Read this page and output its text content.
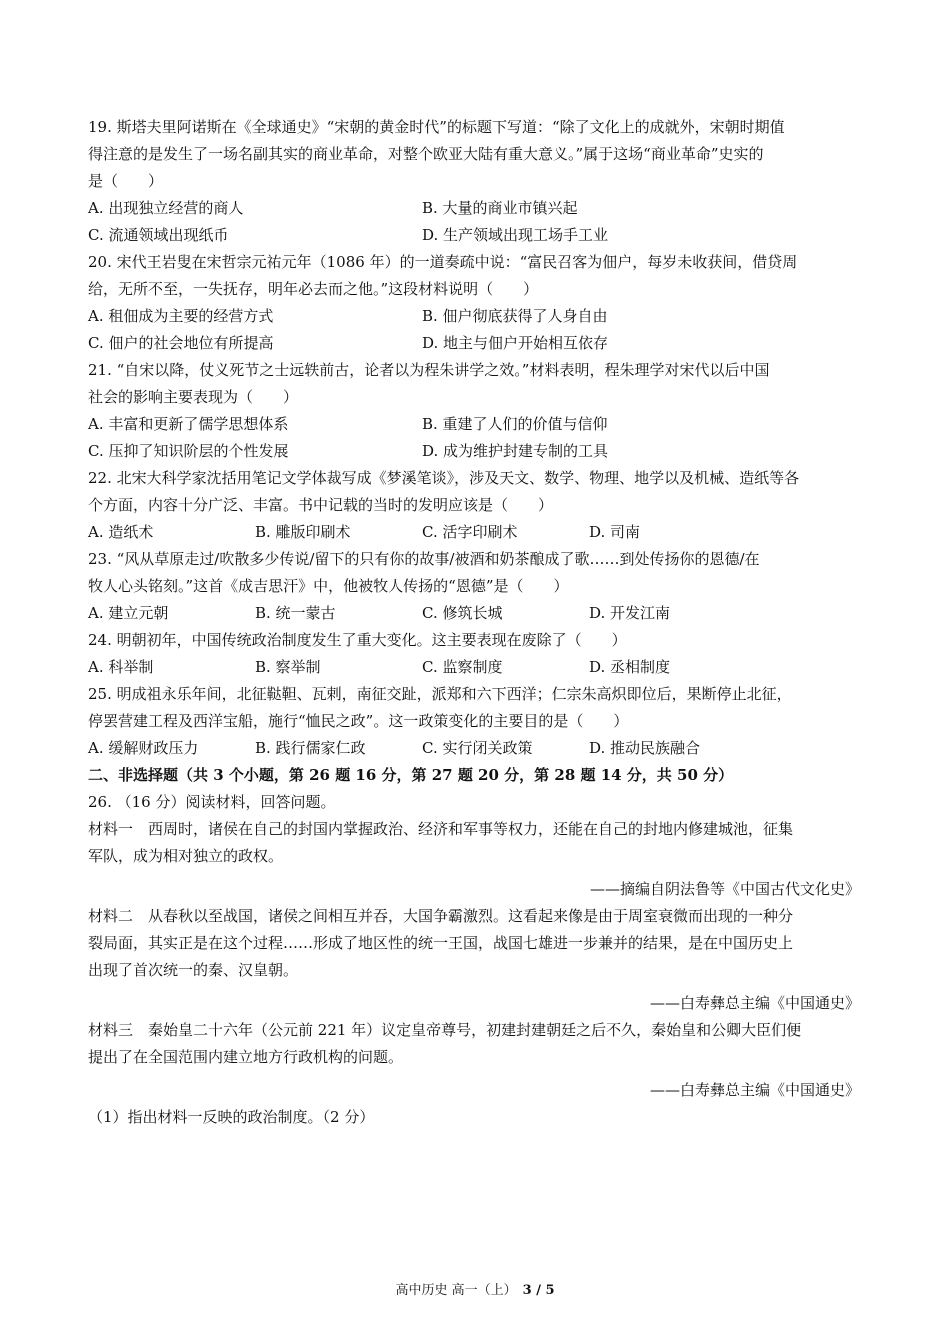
19. 斯塔夫里阿诺斯在《全球通史》“宋朝的黄金时代”的标题下写道：“除了文化上的成就外，宋朝时期值
得注意的是发生了一场名副其实的商业革命，对整个欧亚大陆有重大意义。”属于这场“商业革命”史实的
是（　　）
A. 出现独立经营的商人	B. 大量的商业市镇兴起
C. 流通领域出现纸币	D. 生产领域出现工场手工业
20. 宋代王岩叟在宋哲宗元祐元年（1086 年）的一道奏疏中说：“富民召客为佃户，每岁未收获间，借贷周
给，无所不至，一失抚存，明年必去而之他。”这段材料说明（　　）
A. 租佃成为主要的经营方式	B. 佃户彻底获得了人身自由
C. 佃户的社会地位有所提高	D. 地主与佃户开始相互依存
21. “自宋以降，仗义死节之士远轶前古，论者以为程朱讲学之效。”材料表明，程朱理学对宋代以后中国
社会的影响主要表现为（　　）
A. 丰富和更新了儒学思想体系	B. 重建了人们的价值与信仰
C. 压抑了知识阶层的个性发展	D. 成为维护封建专制的工具
22. 北宋大科学家沈括用笔记文学体裁写成《梦溪笔谈》，涉及天文、数学、物理、地学以及机械、造纸等各
个方面，内容十分广泛、丰富。书中记载的当时的发明应该是（　　）
A. 造纸术	B. 雕版印刷术	C. 活字印刷术	D. 司南
23. “风从草原走过/吹散多少传说/留下的只有你的故事/被酒和奶茶酿成了歌……到处传扬你的恩德/在
牧人心头铭刻。”这首《成吉思汗》中，他被牧人传扬的“恩德”是（　　）
A. 建立元朝	B. 统一蒙古	C. 修筑长城	D. 开发江南
24. 明朝初年，中国传统政治制度发生了重大变化。这主要表现在废除了（　　）
A. 科举制	B. 察举制	C. 监察制度	D. 丞相制度
25. 明成祖永乐年间，北征鞑靼、瓦剌，南征交趾，派郑和六下西洋；仁宗朱高炽即位后，果断停止北征，
停罢营建工程及西洋宝船，施行“恤民之政”。这一政策变化的主要目的是（　　）
A. 缓解财政压力	B. 践行儒家仁政	C. 实行闭关政策	D. 推动民族融合
二、非选择题（共 3 个小题，第 26 题 16 分，第 27 题 20 分，第 28 题 14 分，共 50 分）
26. （16 分）阅读材料，回答问题。
材料一　西周时，诸侯在自己的封国内掌握政治、经济和军事等权力，还能在自己的封地内修建城池，征集
军队，成为相对独立的政权。
——摘编自阴法鲁等《中国古代文化史》
材料二　从春秋以至战国，诸侯之间相互并吞，大国争霸激烈。这看起来像是由于周室衰微而出现的一种分
裂局面，其实正是在这个过程……形成了地区性的统一王国，战国七雄进一步兼并的结果，是在中国历史上
出现了首次统一的秦、汉皇朝。
——白寿彝总主编《中国通史》
材料三　秦始皇二十六年（公元前 221 年）议定皇帝尊号，初建封建朝廷之后不久，秦始皇和公卿大臣们便
提出了在全国范围内建立地方行政机构的问题。
——白寿彝总主编《中国通史》
（1）指出材料一反映的政治制度。（2 分）
高中历史 高一（上） 3 / 5
